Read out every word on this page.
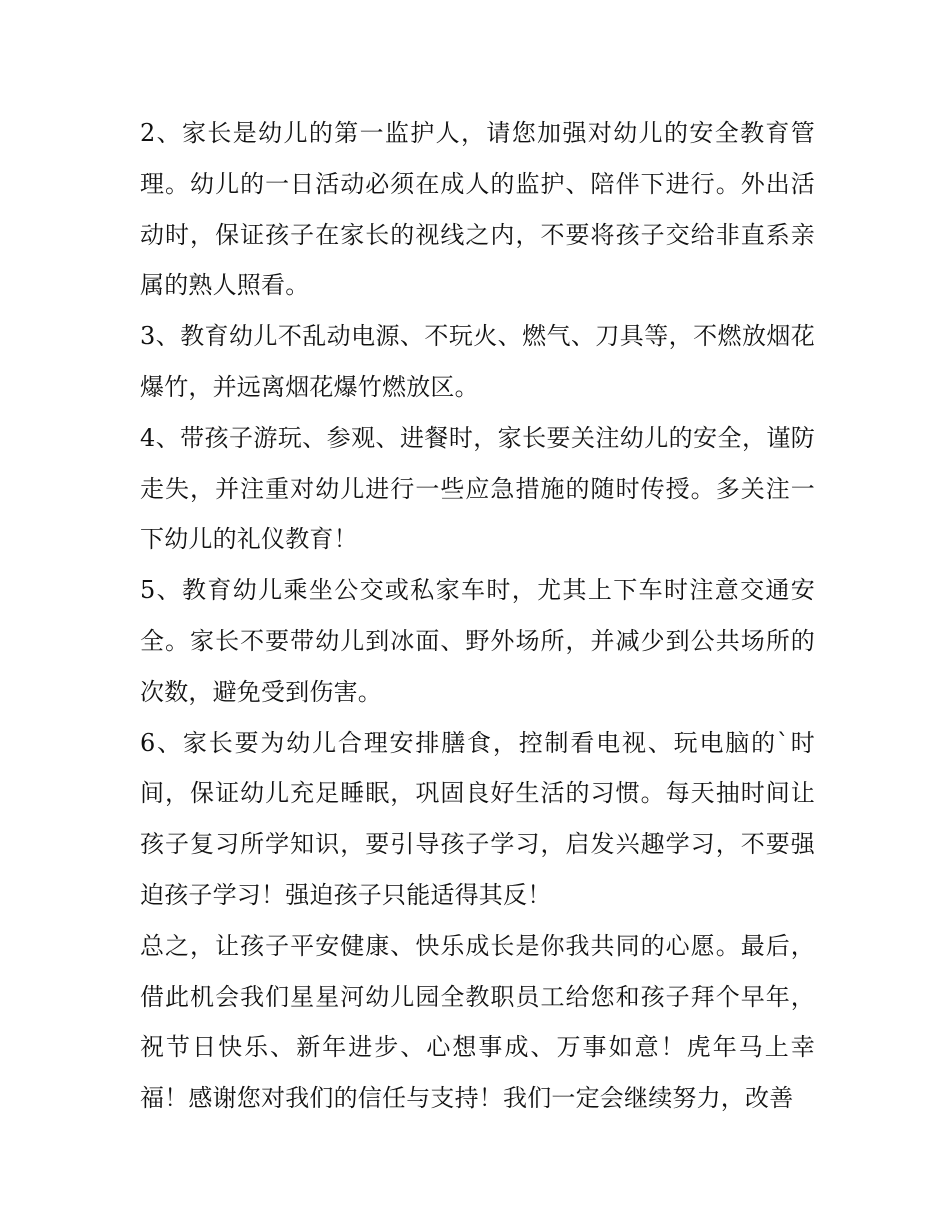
2、家长是幼儿的第一监护人，请您加强对幼儿的安全教育管理。幼儿的一日活动必须在成人的监护、陪伴下进行。外出活动时，保证孩子在家长的视线之内，不要将孩子交给非直系亲属的熟人照看。

3、教育幼儿不乱动电源、不玩火、燃气、刀具等，不燃放烟花爆竹，并远离烟花爆竹燃放区。

4、带孩子游玩、参观、进餐时，家长要关注幼儿的安全，谨防走失，并注重对幼儿进行一些应急措施的随时传授。多关注一下幼儿的礼仪教育！

5、教育幼儿乘坐公交或私家车时，尤其上下车时注意交通安全。家长不要带幼儿到冰面、野外场所，并减少到公共场所的次数，避免受到伤害。

6、家长要为幼儿合理安排膳食，控制看电视、玩电脑的`时间，保证幼儿充足睡眠，巩固良好生活的习惯。每天抽时间让孩子复习所学知识，要引导孩子学习，启发兴趣学习，不要强迫孩子学习！强迫孩子只能适得其反！

总之，让孩子平安健康、快乐成长是你我共同的心愿。最后，借此机会我们星星河幼儿园全教职员工给您和孩子拜个早年，祝节日快乐、新年进步、心想事成、万事如意！虎年马上幸福！感谢您对我们的信任与支持！我们一定会继续努力，改善
